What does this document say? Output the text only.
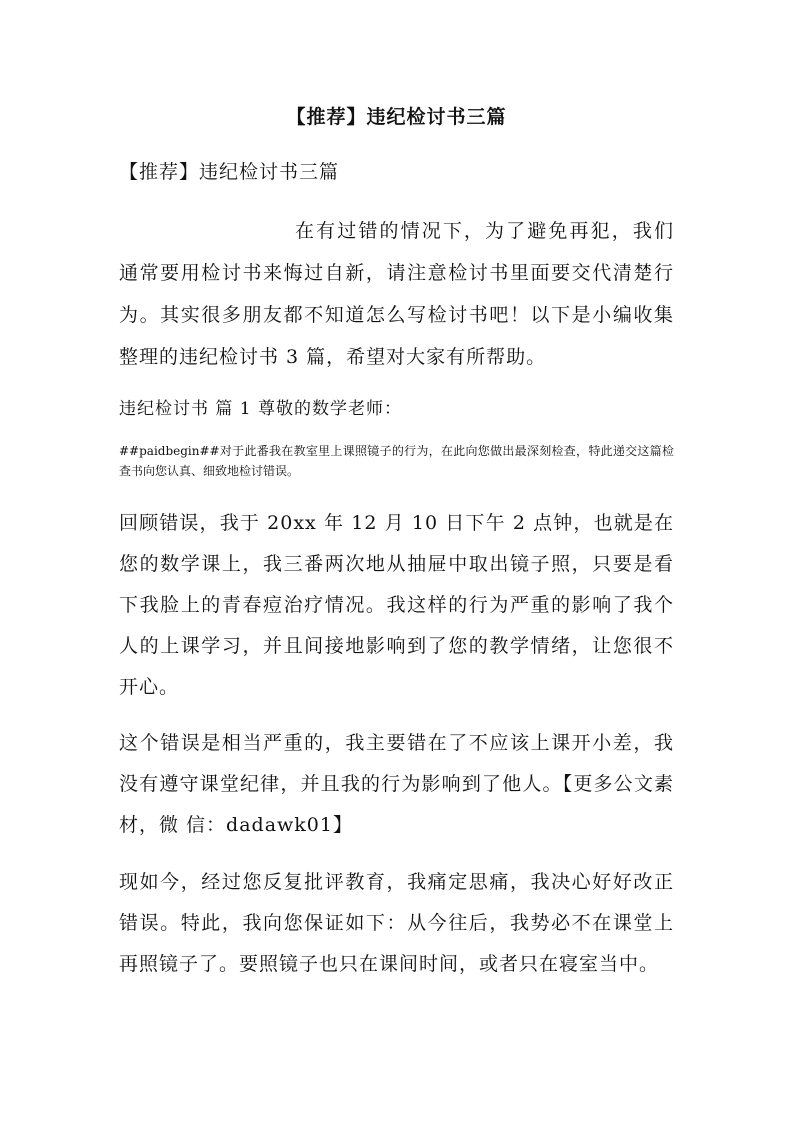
【推荐】违纪检讨书三篇

【推荐】违纪检讨书三篇

在有过错的情况下，为了避免再犯，我们通常要用检讨书来悔过自新，请注意检讨书里面要交代清楚行为。其实很多朋友都不知道怎么写检讨书吧！以下是小编收集整理的违纪检讨书 3 篇，希望对大家有所帮助。

违纪检讨书 篇 1 尊敬的数学老师：

##paidbegin##对于此番我在教室里上课照镜子的行为，在此向您做出最深刻检查，特此递交这篇检查书向您认真、细致地检讨错误。

回顾错误，我于 20xx 年 12 月 10 日下午 2 点钟，也就是在您的数学课上，我三番两次地从抽屉中取出镜子照，只要是看下我脸上的青春痘治疗情况。我这样的行为严重的影响了我个人的上课学习，并且间接地影响到了您的教学情绪，让您很不开心。

这个错误是相当严重的，我主要错在了不应该上课开小差，我没有遵守课堂纪律，并且我的行为影响到了他人。【更多公文素材，微 信：dadawk01】

现如今，经过您反复批评教育，我痛定思痛，我决心好好改正错误。特此，我向您保证如下：从今往后，我势必不在课堂上再照镜子了。要照镜子也只在课间时间，或者只在寝室当中。
